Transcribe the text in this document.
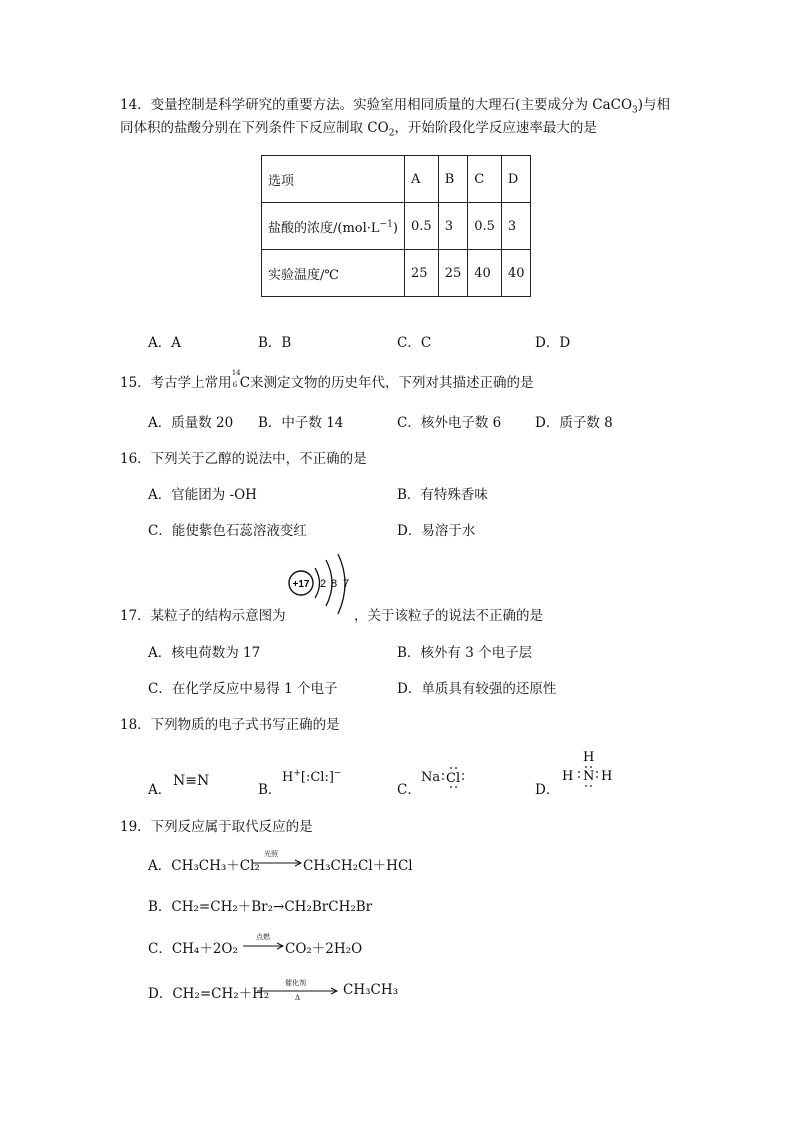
14．变量控制是科学研究的重要方法。实验室用相同质量的大理石(主要成分为 CaCO$_3$)与相
同体积的盐酸分别在下列条件下反应制取 $CO_2$，开始阶段化学反应速率最大的是
选项	A	B	C	D
盐酸的浓度$/(mol\cdot L^{-1})$	0.5	3	0.5	3
实验温度/℃	25	25	40	40
A．A	B．B	C．C	D．D
15．考古学上常用
14
6 C来测定文物的历史年代，下列对其描述正确的是
A．质量数 20 B．中子数 14	C．核外电子数 6	D．质子数 8
16．下列关于乙醇的说法中，不正确的是
A．官能团为 -OH	B．有特殊香味
C．能使紫色石蕊溶液变红	D．易溶于水
17．某粒子的结构示意图为
+17 2 8 7
，关于该粒子的说法不正确的是
A．核电荷数为 17	B．核外有 3 个电子层
C．在化学反应中易得 1 个电子	D．单质具有较强的还原性
18．下列物质的电子式书写正确的是
A．
N≡N
B．
H+[:Cl:]−
C．
Na Cl
D．
H
H N H
19．下列反应属于取代反应的是
A．CH₃CH₃＋Cl₂
光照
→ CH₃CH₂Cl＋HCl
B．CH₂=CH₂＋Br₂→CH₂BrCH₂Br
C．CH₄＋2O₂
点燃
→ CO₂＋2H₂O
D．CH₂=CH₂＋H₂
催化剂
Δ	CH₃CH₃
